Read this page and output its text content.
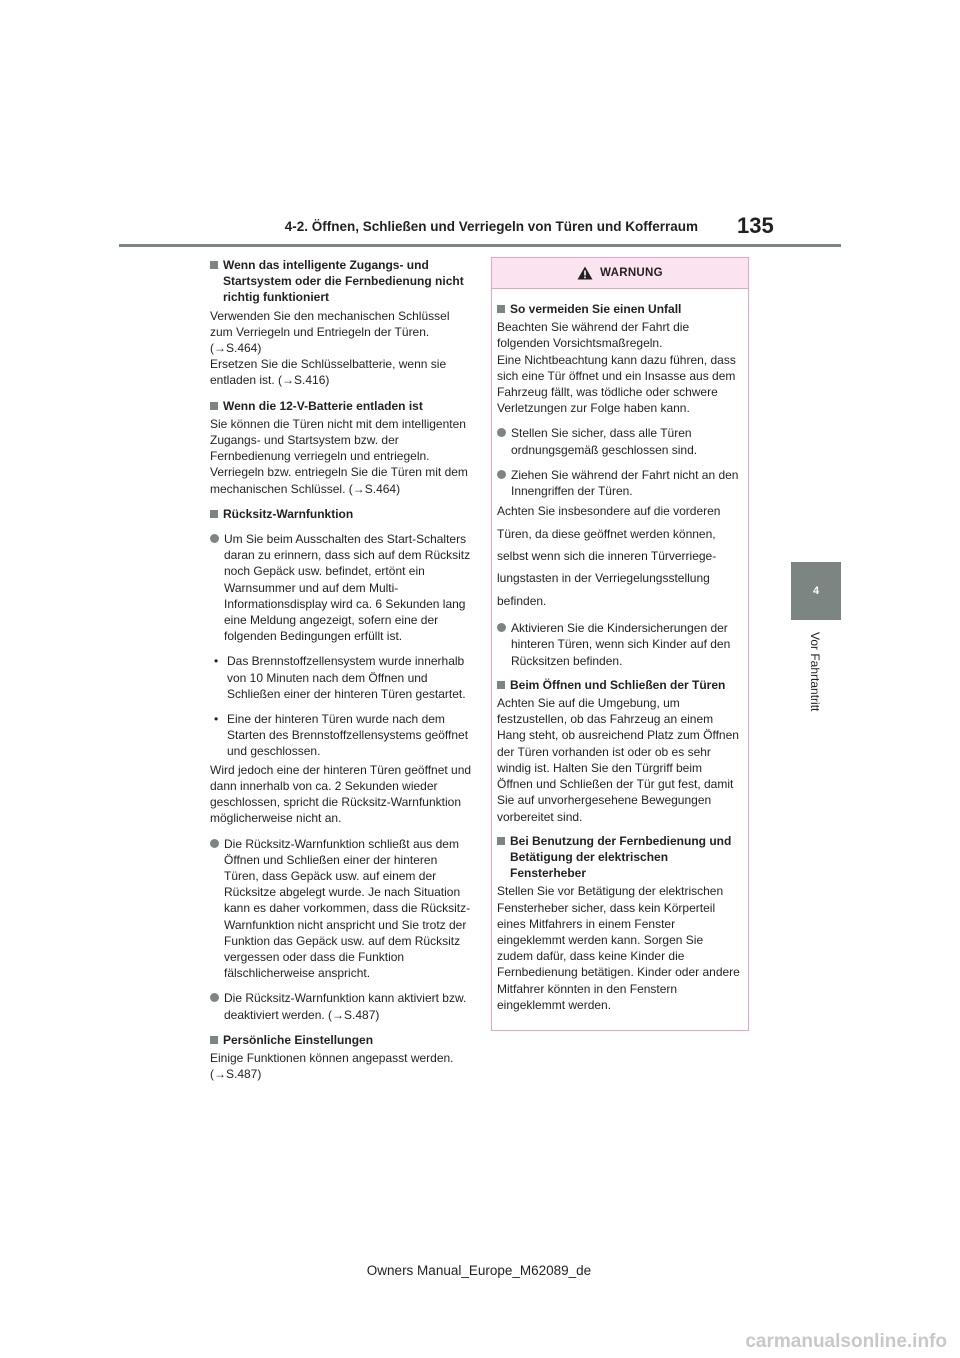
4-2. Öffnen, Schließen und Verriegeln von Türen und Kofferraum 135
4
Vor Fahrtantritt
Wenn das intelligente Zugangs- und Startsystem oder die Fernbedienung nicht richtig funktioniert
Verwenden Sie den mechanischen Schlüssel zum Verriegeln und Entriegeln der Türen.
(→S.464)
Ersetzen Sie die Schlüsselbatterie, wenn sie entladen ist. (→S.416)
Wenn die 12-V-Batterie entladen ist
Sie können die Türen nicht mit dem intelligenten Zugangs- und Startsystem bzw. der Fernbedienung verriegeln und entriegeln. Verriegeln bzw. entriegeln Sie die Türen mit dem mechanischen Schlüssel. (→S.464)
Rücksitz-Warnfunktion
Um Sie beim Ausschalten des Start-Schalters daran zu erinnern, dass sich auf dem Rücksitz noch Gepäck usw. befindet, ertönt ein Warnsummer und auf dem Multi-Informationsdisplay wird ca. 6 Sekunden lang eine Meldung angezeigt, sofern eine der folgenden Bedingungen erfüllt ist.
• Das Brennstoffzellensystem wurde innerhalb von 10 Minuten nach dem Öffnen und Schließen einer der hinteren Türen gestartet.
• Eine der hinteren Türen wurde nach dem Starten des Brennstoffzellensystems geöffnet und geschlossen.
Wird jedoch eine der hinteren Türen geöffnet und dann innerhalb von ca. 2 Sekunden wieder geschlossen, spricht die Rücksitz-Warnfunktion möglicherweise nicht an.
Die Rücksitz-Warnfunktion schließt aus dem Öffnen und Schließen einer der hinteren Türen, dass Gepäck usw. auf einem der Rücksitze abgelegt wurde. Je nach Situation kann es daher vorkommen, dass die Rücksitz-Warnfunktion nicht anspricht und Sie trotz der Funktion das Gepäck usw. auf dem Rücksitz vergessen oder dass die Funktion fälschlicherweise anspricht.
Die Rücksitz-Warnfunktion kann aktiviert bzw. deaktiviert werden. (→S.487)
Persönliche Einstellungen
Einige Funktionen können angepasst werden. (→S.487)
WARNUNG
So vermeiden Sie einen Unfall
Beachten Sie während der Fahrt die folgenden Vorsichtsmaßregeln.
Eine Nichtbeachtung kann dazu führen, dass sich eine Tür öffnet und ein Insasse aus dem Fahrzeug fällt, was tödliche oder schwere Verletzungen zur Folge haben kann.
Stellen Sie sicher, dass alle Türen ordnungsgemäß geschlossen sind.
Ziehen Sie während der Fahrt nicht an den Innengriffen der Türen.
Achten Sie insbesondere auf die vorderen
Türen, da diese geöffnet werden können,
selbst wenn sich die inneren Türverriege-
lungstasten in der Verriegelungsstellung
befinden.
Aktivieren Sie die Kindersicherungen der hinteren Türen, wenn sich Kinder auf den Rücksitzen befinden.
Beim Öffnen und Schließen der Türen
Achten Sie auf die Umgebung, um festzustellen, ob das Fahrzeug an einem Hang steht, ob ausreichend Platz zum Öffnen der Türen vorhanden ist oder ob es sehr windig ist. Halten Sie den Türgriff beim Öffnen und Schließen der Tür gut fest, damit Sie auf unvorhergesehene Bewegungen vorbereitet sind.
Bei Benutzung der Fernbedienung und Betätigung der elektrischen Fensterheber
Stellen Sie vor Betätigung der elektrischen Fensterheber sicher, dass kein Körperteil eines Mitfahrers in einem Fenster eingeklemmt werden kann. Sorgen Sie zudem dafür, dass keine Kinder die Fernbedienung betätigen. Kinder oder andere Mitfahrer könnten in den Fenstern eingeklemmt werden.
Owners Manual_Europe_M62089_de
carmanualsonline.info
